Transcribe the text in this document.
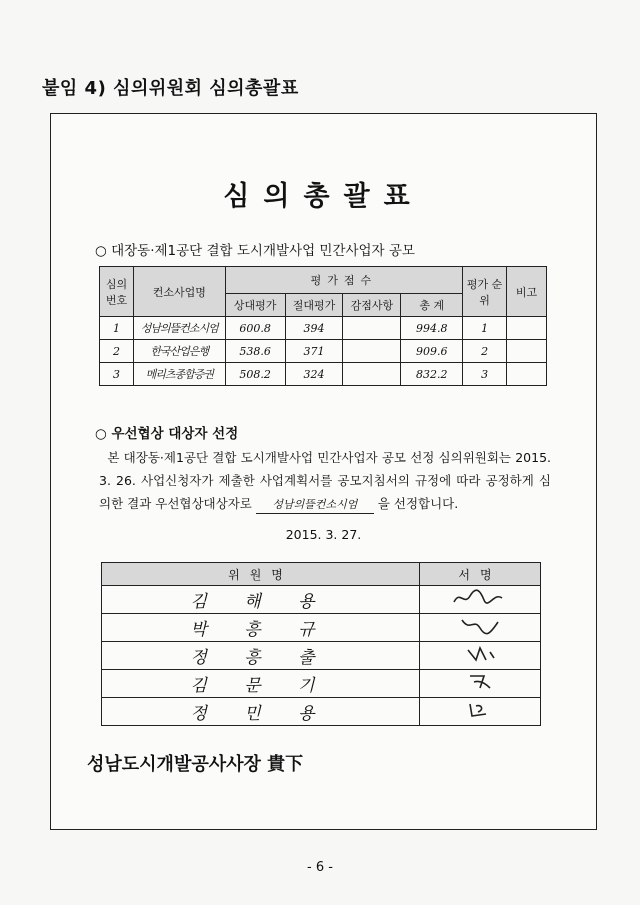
붙임 4) 심의위원회 심의총괄표
심의총괄표
○ 대장동·제1공단 결합 도시개발사업 민간사업자 공모
심의 번호	컨소사업명	평가점수				평가 순위	비고
		상대평가	절대평가	감점사항	총 계		
1	성남의뜰컨소시엄	600.8	394		994.8	1	
2	한국산업은행	538.6	371		909.6	2	
3	메리츠종합증권	508.2	324		832.2	3	
○ 우선협상 대상자 선정
본 대장동·제1공단 결합 도시개발사업 민간사업자 공모 선정 심의위원회는 2015. 3. 26. 사업신청자가 제출한 사업계획서를 공모지침서의 규정에 따라 공정하게 심의한 결과 우선협상대상자로 성남의뜰컨소시엄 을 선정합니다.
2015. 3. 27.
위원명	서명
김 해 용	
박 흥 규	
정 흥 출	
김 문 기	
정 민 용	
성남도시개발공사사장 貴下
- 6 -
